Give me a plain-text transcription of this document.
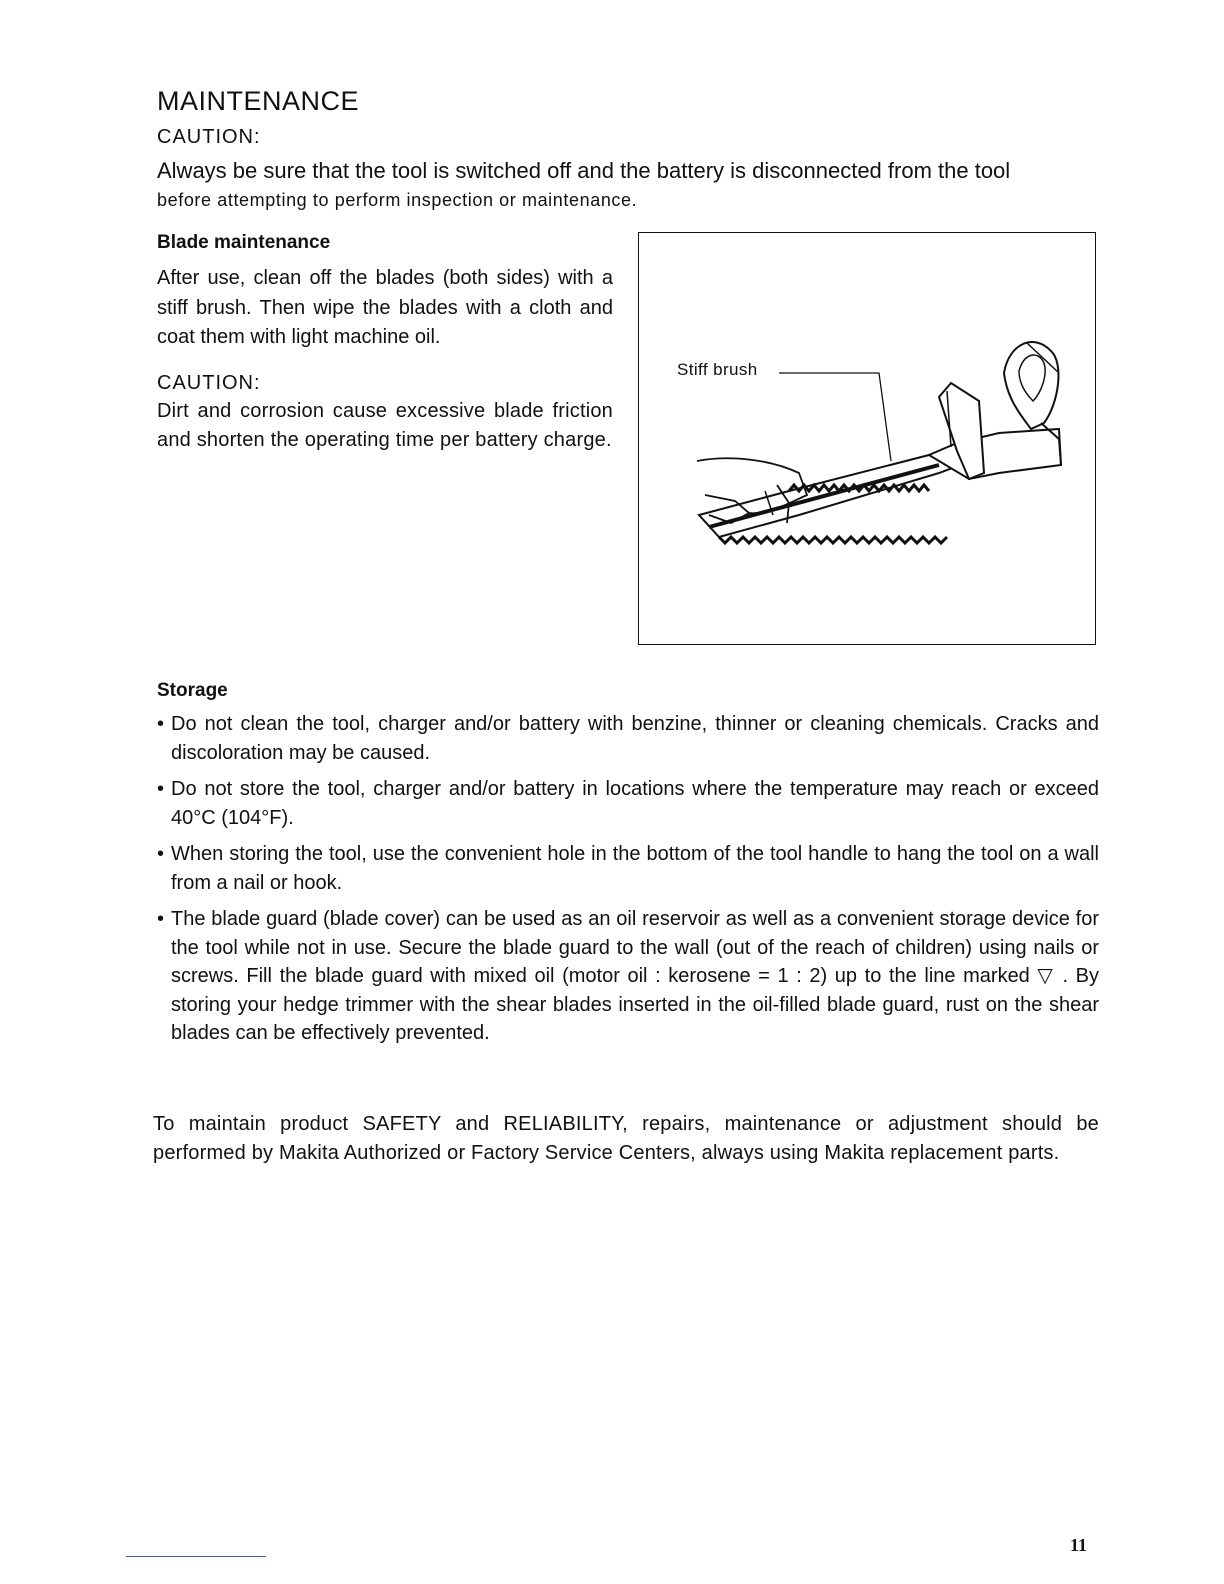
MAINTENANCE
CAUTION:
Always be sure that the tool is switched off and the battery is disconnected from the tool
before attempting to perform inspection or maintenance.

Blade maintenance

After use, clean off the blades (both sides) with a stiff brush. Then wipe the blades with a cloth and coat them with light machine oil.
CAUTION:
Dirt and corrosion cause excessive blade friction and shorten the operating time per battery charge.
Stiff brush

Storage

• Do not clean the tool, charger and/or battery with benzine, thinner or cleaning chemicals. Cracks and discoloration may be caused.
• Do not store the tool, charger and/or battery in locations where the temperature may reach or exceed 40°C (104°F).
• When storing the tool, use the convenient hole in the bottom of the tool handle to hang the tool on a wall from a nail or hook.
• The blade guard (blade cover) can be used as an oil reservoir as well as a convenient storage device for the tool while not in use. Secure the blade guard to the wall (out of the reach of children) using nails or screws. Fill the blade guard with mixed oil (motor oil : kerosene = 1 : 2) up to the line marked ▽ . By storing your hedge trimmer with the shear blades inserted in the oil-filled blade guard, rust on the shear blades can be effectively prevented.
To maintain product SAFETY and RELIABILITY, repairs, maintenance or adjustment should be performed by Makita Authorized or Factory Service Centers, always using Makita replacement parts.
11
